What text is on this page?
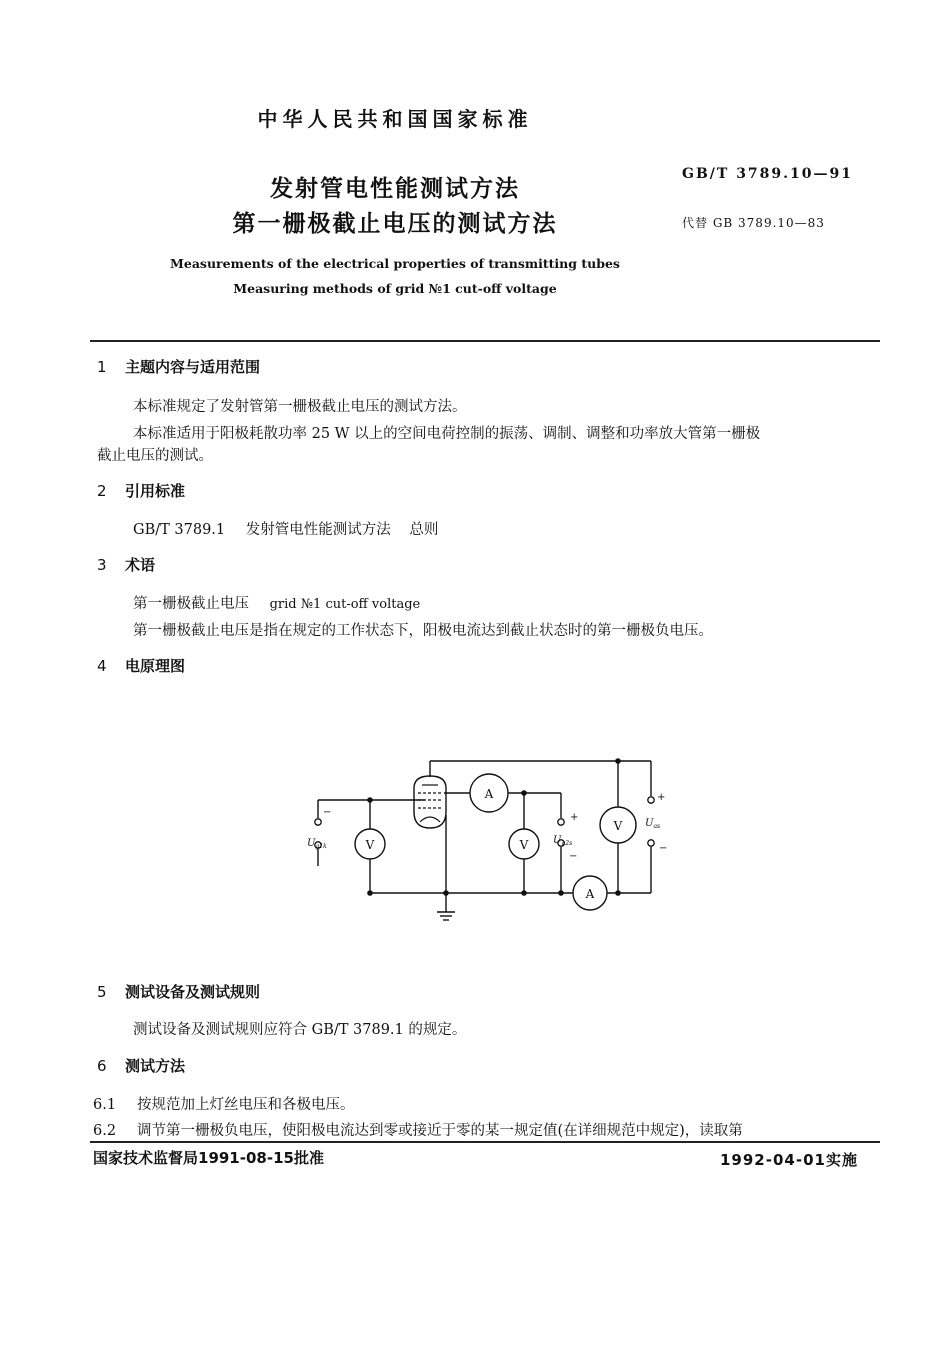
中华人民共和国国家标准
发射管电性能测试方法
第一栅极截止电压的测试方法
Measurements of the electrical properties of transmitting tubes
Measuring methods of grid №1 cut-off voltage
GB/T 3789.10—91
代替 GB 3789.10—83
1 主题内容与适用范围
本标准规定了发射管第一栅极截止电压的测试方法。
本标准适用于阳极耗散功率 25 W 以上的空间电荷控制的振荡、调制、调整和功率放大管第一栅极
截止电压的测试。
2 引用标准
GB/T 3789.1 发射管电性能测试方法 总则
3 术语
第一栅极截止电压 grid №1 cut-off voltage
第一栅极截止电压是指在规定的工作状态下，阳极电流达到截止状态时的第一栅极负电压。
4 电原理图
A
A
V	V
V
−	+
−
+
−
$U_{g1k}$
$U_{g2s}$
$U_{as}$
5 测试设备及测试规则
测试设备及测试规则应符合 GB/T 3789.1 的规定。
6 测试方法
6.1 按规范加上灯丝电压和各极电压。
6.2 调节第一栅极负电压，使阳极电流达到零或接近于零的某一规定值(在详细规范中规定)，读取第
国家技术监督局1991-08-15批准	1992-04-01实施
